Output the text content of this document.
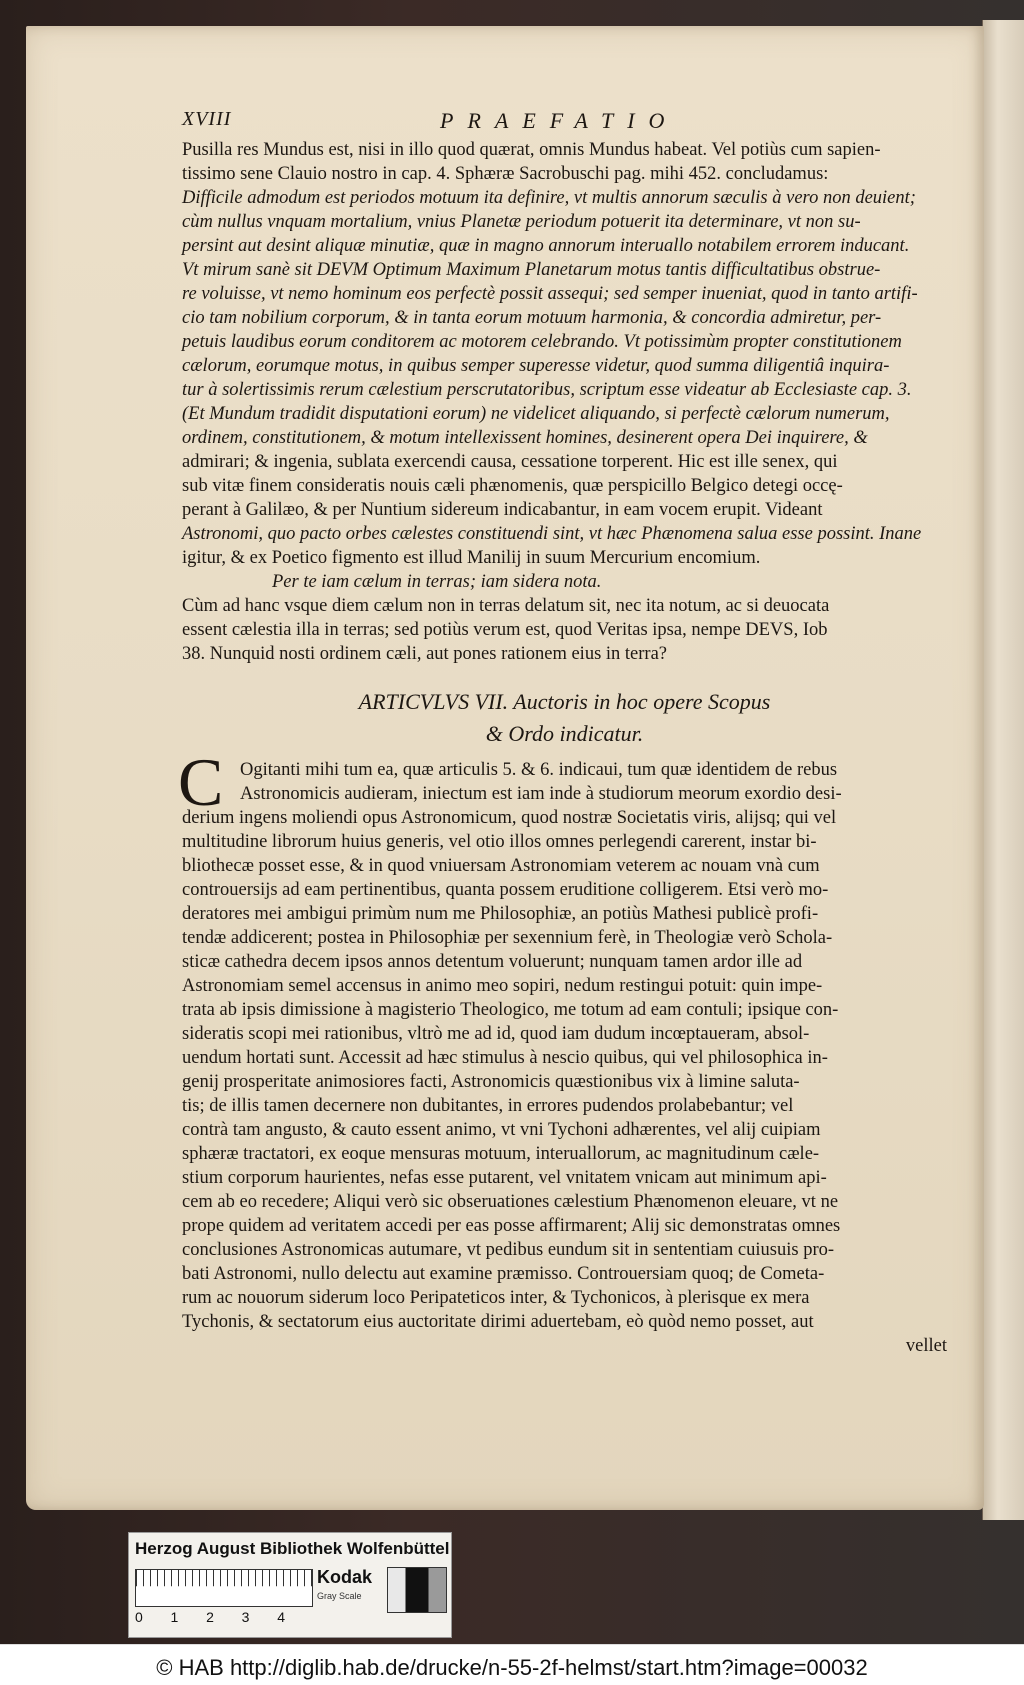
XVIII	PRAEFATIO
Pusilla res Mundus est, nisi in illo quod quærat, omnis Mundus habeat. Vel potiùs cum sapien-
tissimo sene Clauio nostro in cap. 4. Sphæræ Sacrobuschi pag. mihi 452. concludamus:
Difficile admodum est periodos motuum ita definire, vt multis annorum sæculis à vero non deuient;
cùm nullus vnquam mortalium, vnius Planetæ periodum potuerit ita determinare, vt non su-
persint aut desint aliquæ minutiæ, quæ in magno annorum interuallo notabilem errorem inducant.
Vt mirum sanè sit DEVM Optimum Maximum Planetarum motus tantis difficultatibus obstrue-
re voluisse, vt nemo hominum eos perfectè possit assequi; sed semper inueniat, quod in tanto artifi-
cio tam nobilium corporum, & in tanta eorum motuum harmonia, & concordia admiretur, per-
petuis laudibus eorum conditorem ac motorem celebrando. Vt potissimùm propter constitutionem
cælorum, eorumque motus, in quibus semper superesse videtur, quod summa diligentiâ inquira-
tur à solertissimis rerum cælestium perscrutatoribus, scriptum esse videatur ab Ecclesiaste cap. 3.
(Et Mundum tradidit disputationi eorum) ne videlicet aliquando, si perfectè cælorum numerum,
ordinem, constitutionem, & motum intellexissent homines, desinerent opera Dei inquirere, &
admirari; & ingenia, sublata exercendi causa, cessatione torperent. Hic est ille senex, qui
sub vitæ finem consideratis nouis cæli phænomenis, quæ perspicillo Belgico detegi occę-
perant à Galilæo, & per Nuntium sidereum indicabantur, in eam vocem erupit. Videant
Astronomi, quo pacto orbes cælestes constituendi sint, vt hæc Phænomena salua esse possint. Inane
igitur, & ex Poetico figmento est illud Manilij in suum Mercurium encomium.
Per te iam cælum in terras; iam sidera nota.
Cùm ad hanc vsque diem cælum non in terras delatum sit, nec ita notum, ac si deuocata
essent cælestia illa in terras; sed potiùs verum est, quod Veritas ipsa, nempe DEVS, Iob
38. Nunquid nosti ordinem cæli, aut pones rationem eius in terra?
ARTICVLVS VII. Auctoris in hoc opere Scopus
& Ordo indicatur.
C Ogitanti mihi tum ea, quæ articulis 5. & 6. indicaui, tum quæ identidem de rebus
Astronomicis audieram, iniectum est iam inde à studiorum meorum exordio desi-
derium ingens moliendi opus Astronomicum, quod nostræ Societatis viris, alijsq; qui vel
multitudine librorum huius generis, vel otio illos omnes perlegendi carerent, instar bi-
bliothecæ posset esse, & in quod vniuersam Astronomiam veterem ac nouam vnà cum
controuersijs ad eam pertinentibus, quanta possem eruditione colligerem. Etsi verò mo-
deratores mei ambigui primùm num me Philosophiæ, an potiùs Mathesi publicè profi-
tendæ addicerent; postea in Philosophiæ per sexennium ferè, in Theologiæ verò Schola-
sticæ cathedra decem ipsos annos detentum voluerunt; nunquam tamen ardor ille ad
Astronomiam semel accensus in animo meo sopiri, nedum restingui potuit: quin impe-
trata ab ipsis dimissione à magisterio Theologico, me totum ad eam contuli; ipsique con-
sideratis scopi mei rationibus, vltrò me ad id, quod iam dudum incœptaueram, absol-
uendum hortati sunt. Accessit ad hæc stimulus à nescio quibus, qui vel philosophica in-
genij prosperitate animosiores facti, Astronomicis quæstionibus vix à limine saluta-
tis; de illis tamen decernere non dubitantes, in errores pudendos prolabebantur; vel
contrà tam angusto, & cauto essent animo, vt vni Tychoni adhærentes, vel alij cuipiam
sphæræ tractatori, ex eoque mensuras motuum, interuallorum, ac magnitudinum cæle-
stium corporum haurientes, nefas esse putarent, vel vnitatem vnicam aut minimum api-
cem ab eo recedere; Aliqui verò sic obseruationes cælestium Phænomenon eleuare, vt ne
prope quidem ad veritatem accedi per eas posse affirmarent; Alij sic demonstratas omnes
conclusiones Astronomicas autumare, vt pedibus eundum sit in sententiam cuiusuis pro-
bati Astronomi, nullo delectu aut examine præmisso. Controuersiam quoq; de Cometa-
rum ac nouorum siderum loco Peripateticos inter, & Tychonicos, à plerisque ex mera
Tychonis, & sectatorum eius auctoritate dirimi aduertebam, eò quòd nemo posset, aut
vellet
Herzog August Bibliothek Wolfenbüttel
0 1 2 3 4
Kodak
Gray Scale
© HAB http://diglib.hab.de/drucke/n-55-2f-helmst/start.htm?image=00032
